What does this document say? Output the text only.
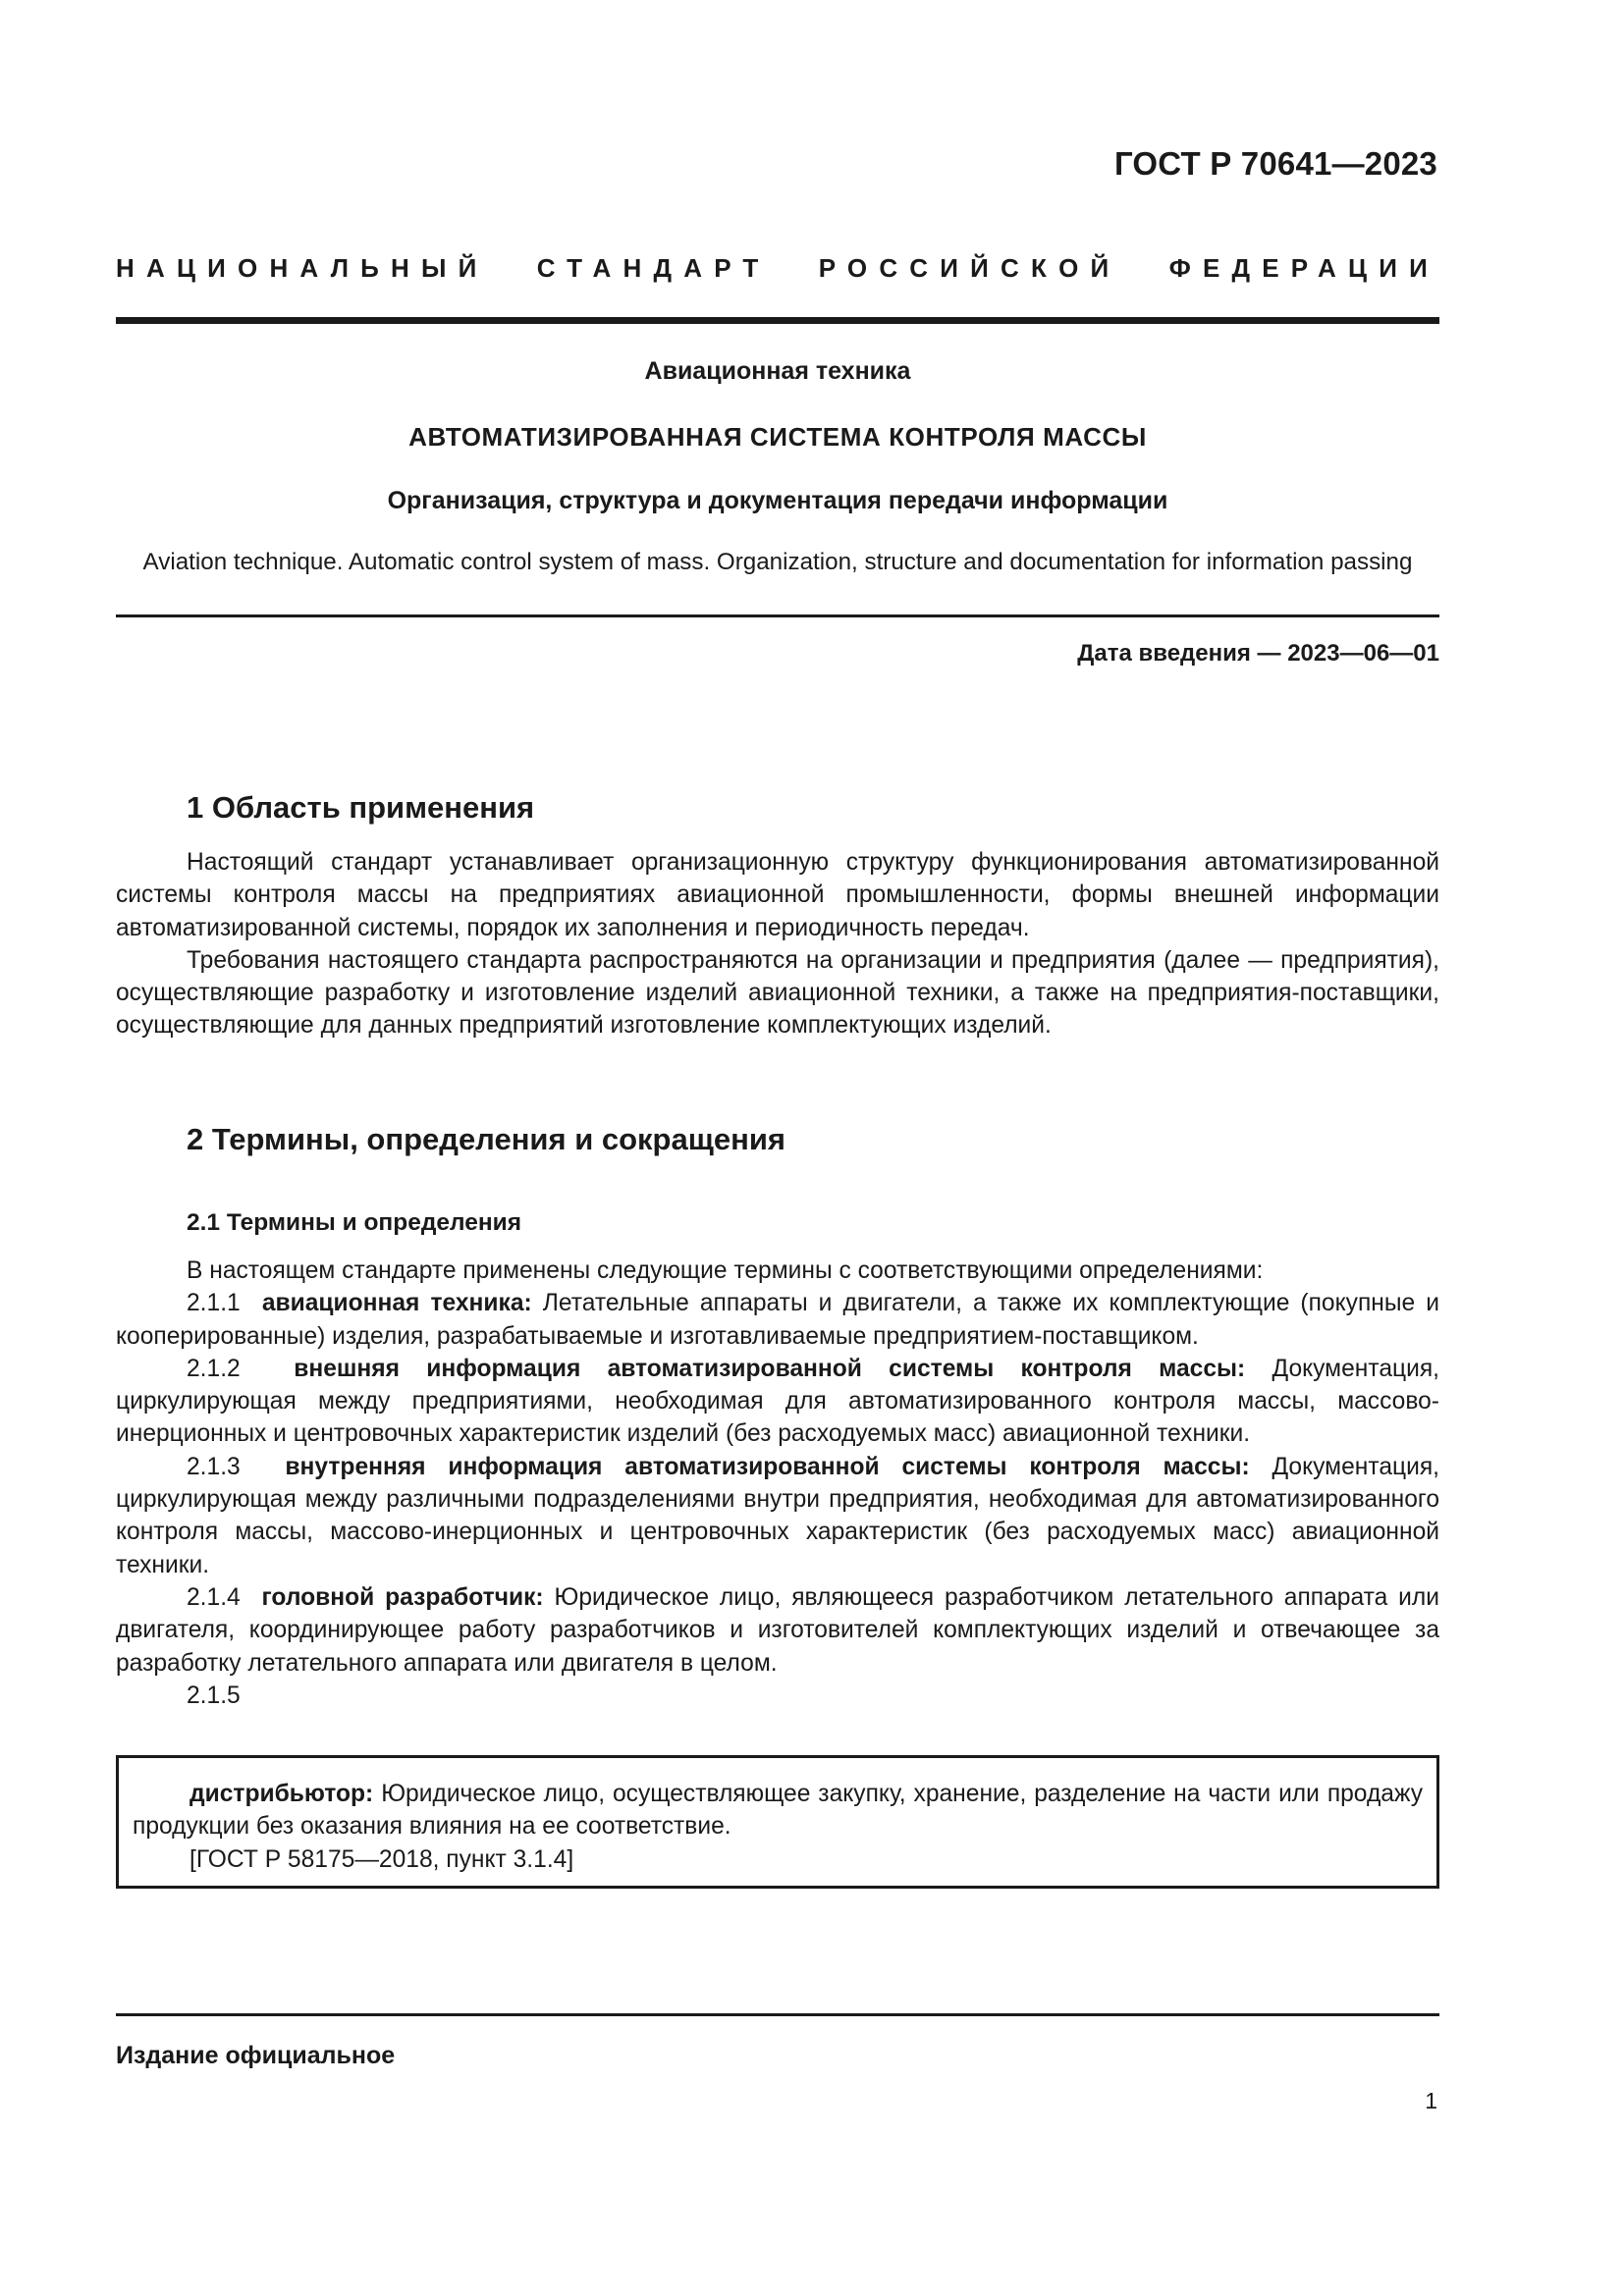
ГОСТ Р 70641—2023
НАЦИОНАЛЬНЫЙ СТАНДАРТ РОССИЙСКОЙ ФЕДЕРАЦИИ
Авиационная техника
АВТОМАТИЗИРОВАННАЯ СИСТЕМА КОНТРОЛЯ МАССЫ
Организация, структура и документация передачи информации
Aviation technique. Automatic control system of mass. Organization, structure and documentation for information passing
Дата введения — 2023—06—01
1 Область применения

Настоящий стандарт устанавливает организационную структуру функционирования автоматизированной системы контроля массы на предприятиях авиационной промышленности, формы внешней информации автоматизированной системы, порядок их заполнения и периодичность передач.

Требования настоящего стандарта распространяются на организации и предприятия (далее — предприятия), осуществляющие разработку и изготовление изделий авиационной техники, а также на предприятия-поставщики, осуществляющие для данных предприятий изготовление комплектующих изделий.

2 Термины, определения и сокращения
2.1 Термины и определения

В настоящем стандарте применены следующие термины с соответствующими определениями:

2.1.1 авиационная техника: Летательные аппараты и двигатели, а также их комплектующие (покупные и кооперированные) изделия, разрабатываемые и изготавливаемые предприятием-поставщиком.

2.1.2 внешняя информация автоматизированной системы контроля массы: Документация, циркулирующая между предприятиями, необходимая для автоматизированного контроля массы, массово-инерционных и центровочных характеристик изделий (без расходуемых масс) авиационной техники.

2.1.3 внутренняя информация автоматизированной системы контроля массы: Документация, циркулирующая между различными подразделениями внутри предприятия, необходимая для автоматизированного контроля массы, массово-инерционных и центровочных характеристик (без расходуемых масс) авиационной техники.

2.1.4 головной разработчик: Юридическое лицо, являющееся разработчиком летательного аппарата или двигателя, координирующее работу разработчиков и изготовителей комплектующих изделий и отвечающее за разработку летательного аппарата или двигателя в целом.

2.1.5

дистрибьютор: Юридическое лицо, осуществляющее закупку, хранение, разделение на части или продажу продукции без оказания влияния на ее соответствие.

[ГОСТ Р 58175—2018, пункт 3.1.4]

Издание официальное
1
